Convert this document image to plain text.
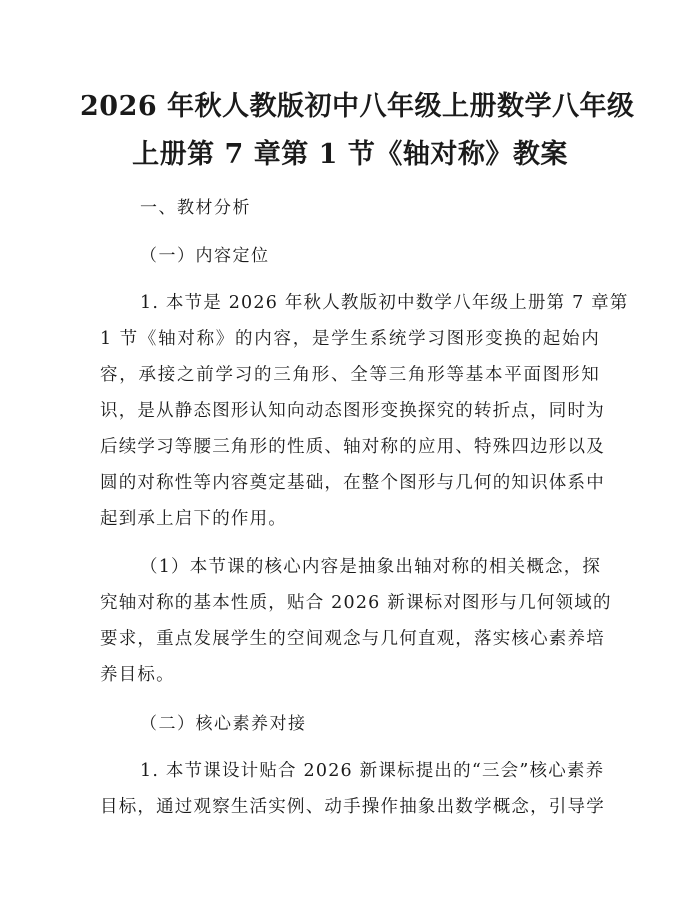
2026 年秋人教版初中八年级上册数学八年级
上册第 7 章第 1 节《轴对称》教案
一、教材分析
（一）内容定位
1. 本节是 2026 年秋人教版初中数学八年级上册第 7 章第
1 节《轴对称》的内容，是学生系统学习图形变换的起始内
容，承接之前学习的三角形、全等三角形等基本平面图形知
识，是从静态图形认知向动态图形变换探究的转折点，同时为
后续学习等腰三角形的性质、轴对称的应用、特殊四边形以及
圆的对称性等内容奠定基础，在整个图形与几何的知识体系中
起到承上启下的作用。
（1）本节课的核心内容是抽象出轴对称的相关概念，探
究轴对称的基本性质，贴合 2026 新课标对图形与几何领域的
要求，重点发展学生的空间观念与几何直观，落实核心素养培
养目标。
（二）核心素养对接
1. 本节课设计贴合 2026 新课标提出的“三会”核心素养
目标，通过观察生活实例、动手操作抽象出数学概念，引导学
